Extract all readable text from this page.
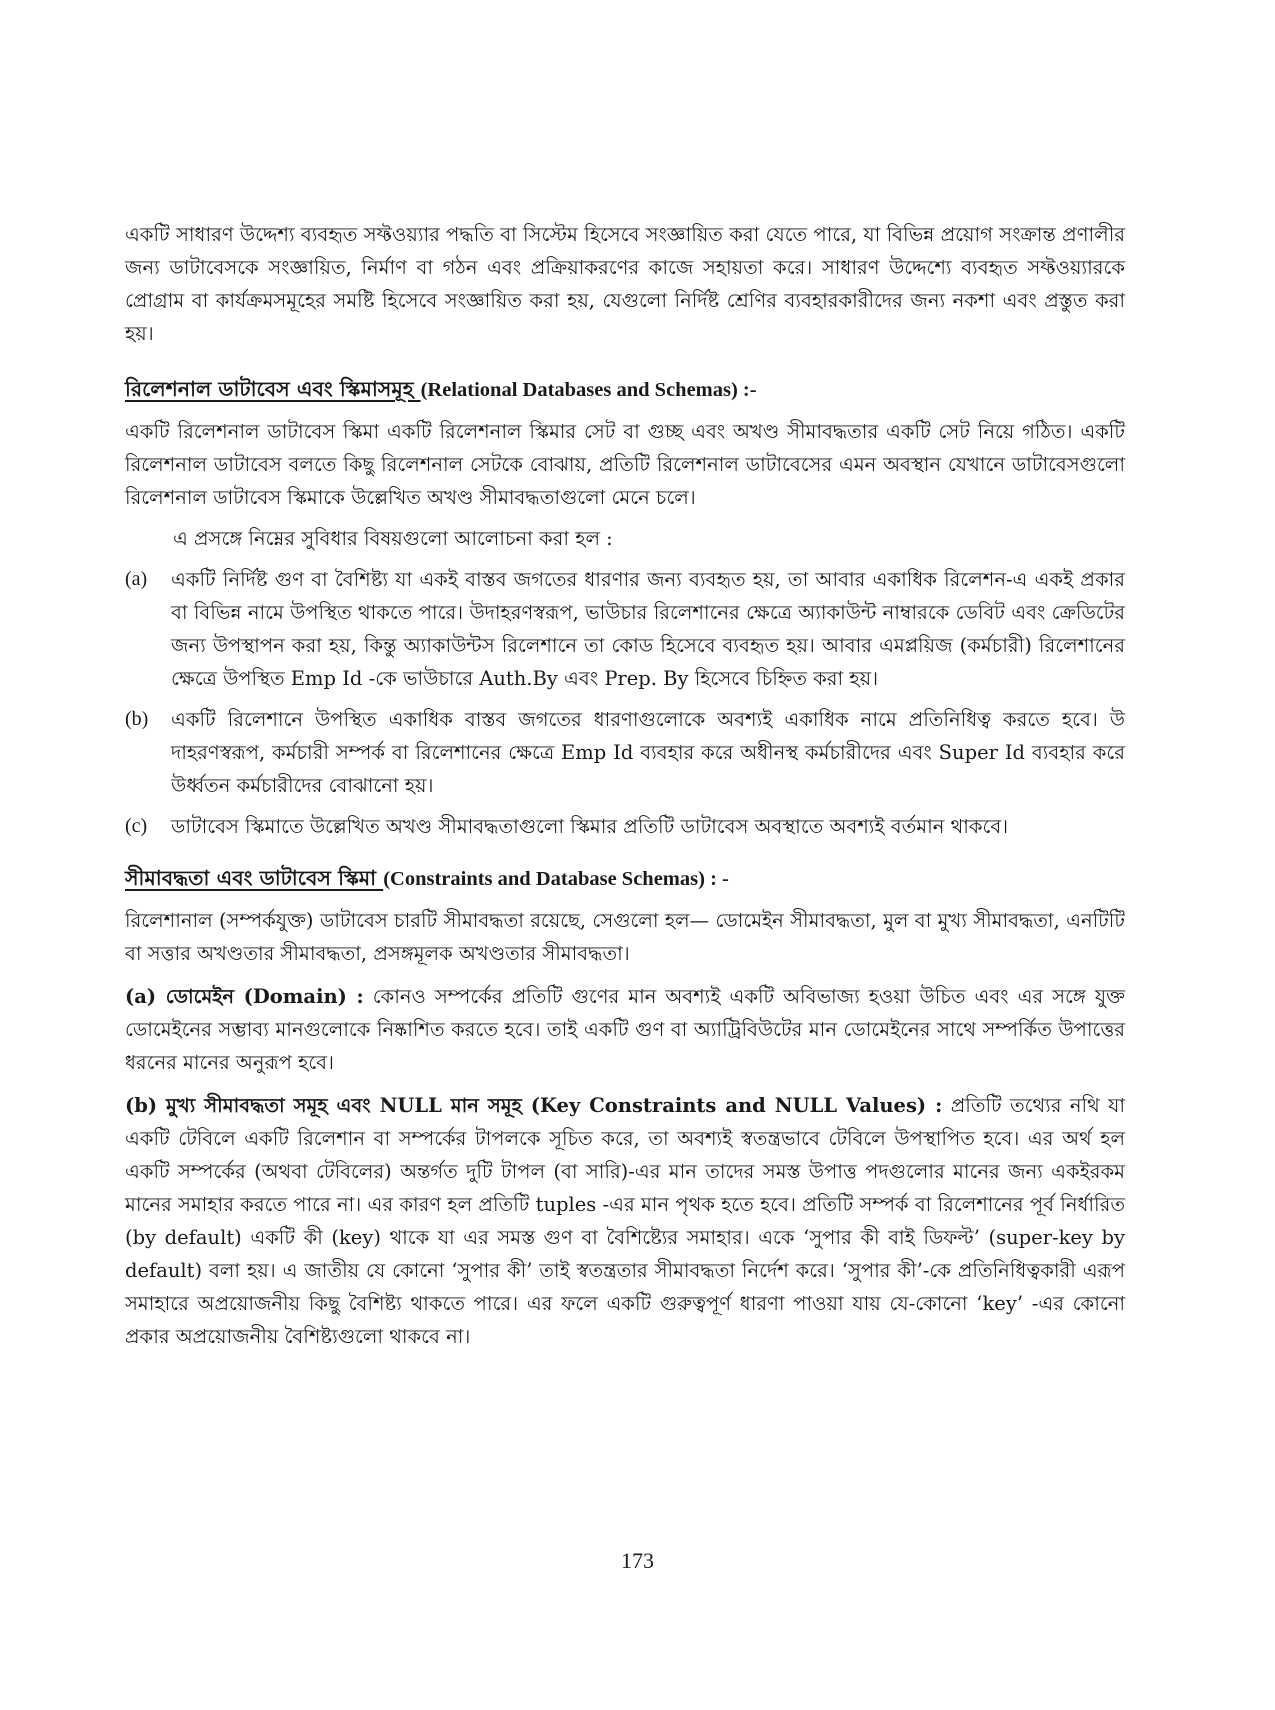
একটি সাধারণ উদ্দেশ্য ব্যবহৃত সফ্টওয়্যার পদ্ধতি বা সিস্টেম হিসেবে সংজ্ঞায়িত করা যেতে পারে, যা বিভিন্ন প্রয়োগ সংক্রান্ত প্রণালীর জন্য ডাটাবেসকে সংজ্ঞায়িত, নির্মাণ বা গঠন এবং প্রক্রিয়াকরণের কাজে সহায়তা করে। সাধারণ উদ্দেশ্যে ব্যবহৃত সফ্টওয়্যারকে প্রোগ্রাম বা কার্যক্রমসমূহের সমষ্টি হিসেবে সংজ্ঞায়িত করা হয়, যেগুলো নির্দিষ্ট শ্রেণির ব্যবহারকারীদের জন্য নকশা এবং প্রস্তুত করা হয়।

রিলেশনাল ডাটাবেস এবং স্কিমাসমূহ (Relational Databases and Schemas) :-

একটি রিলেশনাল ডাটাবেস স্কিমা একটি রিলেশনাল স্কিমার সেট বা গুচ্ছ এবং অখণ্ড সীমাবদ্ধতার একটি সেট নিয়ে গঠিত। একটি রিলেশনাল ডাটাবেস বলতে কিছু রিলেশনাল সেটকে বোঝায়, প্রতিটি রিলেশনাল ডাটাবেসের এমন অবস্থান যেখানে ডাটাবেসগুলো রিলেশনাল ডাটাবেস স্কিমাকে উল্লেখিত অখণ্ড সীমাবদ্ধতাগুলো মেনে চলে।

এ প্রসঙ্গে নিম্নের সুবিধার বিষয়গুলো আলোচনা করা হল :

(a)	একটি নির্দিষ্ট গুণ বা বৈশিষ্ট্য যা একই বাস্তব জগতের ধারণার জন্য ব্যবহৃত হয়, তা আবার একাধিক রিলেশন-এ একই প্রকার বা বিভিন্ন নামে উপস্থিত থাকতে পারে। উদাহরণস্বরূপ, ভাউচার রিলেশানের ক্ষেত্রে অ্যাকাউন্ট নাম্বারকে ডেবিট এবং ক্রেডিটের জন্য উপস্থাপন করা হয়, কিন্তু অ্যাকাউন্টস রিলেশানে তা কোড হিসেবে ব্যবহৃত হয়। আবার এমপ্লয়িজ (কর্মচারী) রিলেশানের ক্ষেত্রে উপস্থিত Emp Id -কে ভাউচারে Auth.By এবং Prep. By হিসেবে চিহ্নিত করা হয়।

(b)	একটি রিলেশানে উপস্থিত একাধিক বাস্তব জগতের ধারণাগুলোকে অবশ্যই একাধিক নামে প্রতিনিধিত্ব করতে হবে। উ দাহরণস্বরূপ, কর্মচারী সম্পর্ক বা রিলেশানের ক্ষেত্রে Emp Id ব্যবহার করে অধীনস্থ কর্মচারীদের এবং Super Id ব্যবহার করে উর্ধ্বতন কর্মচারীদের বোঝানো হয়।

(c)	ডাটাবেস স্কিমাতে উল্লেখিত অখণ্ড সীমাবদ্ধতাগুলো স্কিমার প্রতিটি ডাটাবেস অবস্থাতে অবশ্যই বর্তমান থাকবে।

সীমাবদ্ধতা এবং ডাটাবেস স্কিমা (Constraints and Database Schemas) : -

রিলেশানাল (সম্পর্কযুক্ত) ডাটাবেস চারটি সীমাবদ্ধতা রয়েছে, সেগুলো হল— ডোমেইন সীমাবদ্ধতা, মুল বা মুখ্য সীমাবদ্ধতা, এনটিটি বা সত্তার অখণ্ডতার সীমাবদ্ধতা, প্রসঙ্গমূলক অখণ্ডতার সীমাবদ্ধতা।

(a) ডোমেইন (Domain) : কোনও সম্পর্কের প্রতিটি গুণের মান অবশ্যই একটি অবিভাজ্য হওয়া উচিত এবং এর সঙ্গে যুক্ত ডোমেইনের সম্ভাব্য মানগুলোকে নিষ্কাশিত করতে হবে। তাই একটি গুণ বা অ্যাট্রিবিউটের মান ডোমেইনের সাথে সম্পর্কিত উপাত্তের ধরনের মানের অনুরূপ হবে।

(b) মুখ্য সীমাবদ্ধতা সমূহ এবং NULL মান সমূহ (Key Constraints and NULL Values) : প্রতিটি তথ্যের নথি যা একটি টেবিলে একটি রিলেশান বা সম্পর্কের টাপলকে সূচিত করে, তা অবশ্যই স্বতন্ত্রভাবে টেবিলে উপস্থাপিত হবে। এর অর্থ হল একটি সম্পর্কের (অথবা টেবিলের) অন্তর্গত দুটি টাপল (বা সারি)-এর মান তাদের সমস্ত উপাত্ত পদগুলোর মানের জন্য একইরকম মানের সমাহার করতে পারে না। এর কারণ হল প্রতিটি tuples -এর মান পৃথক হতে হবে। প্রতিটি সম্পর্ক বা রিলেশানের পূর্ব নির্ধারিত (by default) একটি কী (key) থাকে যা এর সমস্ত গুণ বা বৈশিষ্ট্যের সমাহার। একে ‘সুপার কী বাই ডিফল্ট’ (super-key by default) বলা হয়। এ জাতীয় যে কোনো ‘সুপার কী’ তাই স্বতন্ত্রতার সীমাবদ্ধতা নির্দেশ করে। ‘সুপার কী’-কে প্রতিনিধিত্বকারী এরূপ সমাহারে অপ্রয়োজনীয় কিছু বৈশিষ্ট্য থাকতে পারে। এর ফলে একটি গুরুত্বপূর্ণ ধারণা পাওয়া যায় যে-কোনো ‘key’ -এর কোনো প্রকার অপ্রয়োজনীয় বৈশিষ্ট্যগুলো থাকবে না।

173
